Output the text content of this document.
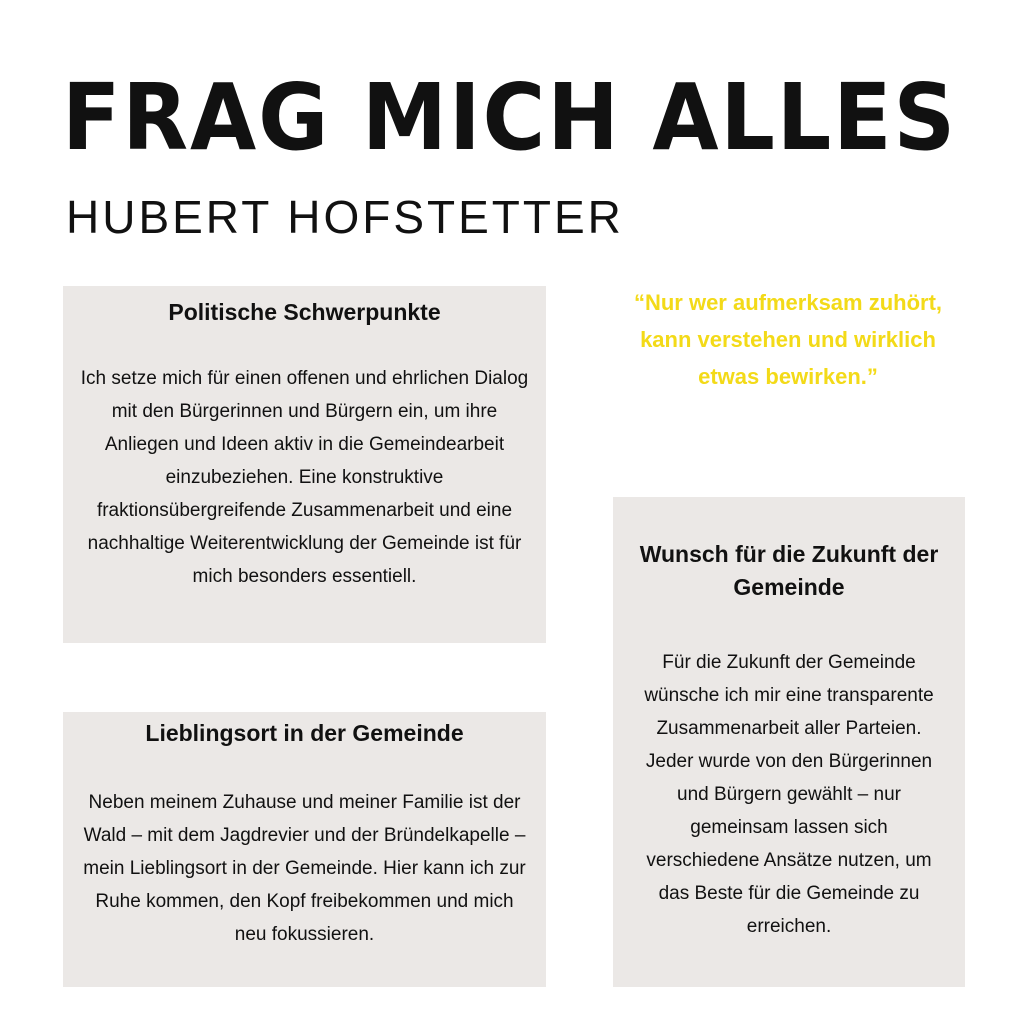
FRAG MICH ALLES
HUBERT HOFSTETTER
Politische Schwerpunkte

Ich setze mich für einen offenen und ehrlichen Dialog mit den Bürgerinnen und Bürgern ein, um ihre Anliegen und Ideen aktiv in die Gemeindearbeit einzubeziehen. Eine konstruktive fraktionsübergreifende Zusammenarbeit und eine nachhaltige Weiterentwicklung der Gemeinde ist für mich besonders essentiell.

“Nur wer aufmerksam zuhört, kann verstehen und wirklich etwas bewirken.”
Wunsch für die Zukunft der Gemeinde

Für die Zukunft der Gemeinde wünsche ich mir eine transparente Zusammenarbeit aller Parteien. Jeder wurde von den Bürgerinnen und Bürgern gewählt – nur gemeinsam lassen sich verschiedene Ansätze nutzen, um das Beste für die Gemeinde zu erreichen.

Lieblingsort in der Gemeinde

Neben meinem Zuhause und meiner Familie ist der Wald – mit dem Jagdrevier und der Bründelkapelle – mein Lieblingsort in der Gemeinde. Hier kann ich zur Ruhe kommen, den Kopf freibekommen und mich neu fokussieren.
